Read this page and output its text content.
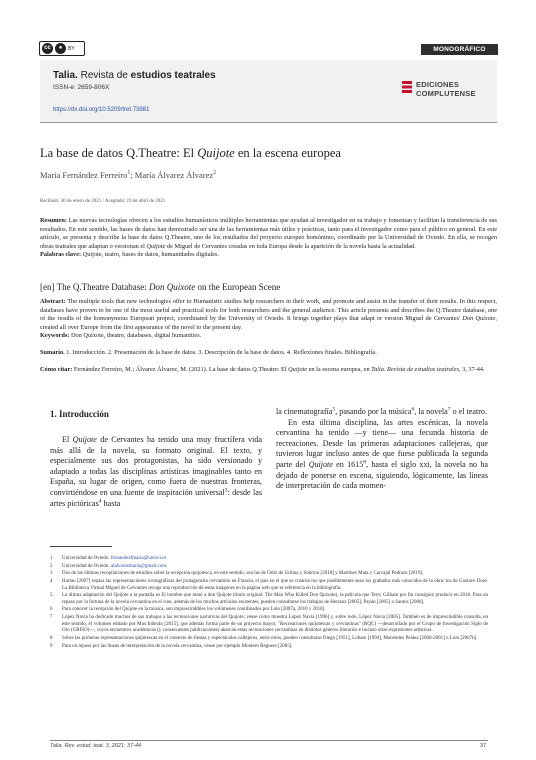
cc	●	BY	MONOGRÁFICO
Talia. Revista de estudios teatrales
ISSN-e: 2659-806X
https://dx.doi.org/10.5209/tret.73981
EDICIONES
COMPLUTENSE
La base de datos Q.Theatre: El Quijote en la escena europea
María Fernández Ferreiro$^1$; María Álvarez Álvarez$^2$
Recibido: 30 de enero de 2021 / Aceptado: 19 de abril de 2021
Resumen: Las nuevas tecnologías ofrecen a los estudios humanísticos múltiples herramientas que ayudan al investigador en su trabajo y fomentan y facilitan la transferencia de sus resultados. En este sentido, las bases de datos han demostrado ser una de las herramientas más útiles y prácticas, tanto para el investigador como para el público en general. En este artículo, se presenta y describe la base de datos Q.Theatre, uno de los resultados del proyecto europeo homónimo, coordinado por la Universidad de Oviedo. En ella, se recogen obras teatrales que adaptan o versionan el Quijote de Miguel de Cervantes creadas en toda Europa desde la aparición de la novela hasta la actualidad.
Palabras clave: Quijote, teatro, bases de datos, humanidades digitales.
[en] The Q.Theatre Database: Don Quixote on the European Scene
Abstract: The multiple tools that new technologies offer to Humanistic studies help researchers in their work, and promote and assist in the transfer of their results. In this respect, databases have proven to be one of the most useful and practical tools for both researchers and the general audience. This article presents and describes the Q.Theatre database, one of the results of the homonymous European project, coordinated by the University of Oviedo. It brings together plays that adapt or version Miguel de Cervantes' Don Quixote, created all over Europe from the first appearance of the novel to the present day.
Keywords: Don Quixote, theatre, databases, digital humanities.
Sumario. 1. Introducción. 2. Presentación de la base de datos. 3. Descripción de la base de datos. 4. Reflexiones finales. Bibliografía.
Cómo citar: Fernández Ferreiro, M.; Álvarez Álvarez, M. (2021). La base de datos Q.Theatre: El Quijote en la escena europea, en Talia. Revista de estudios teatrales, 3, 37-44.
1. Introducción
El Quijote de Cervantes ha tenido una muy fructífera vida más allá de la novela, su formato original. El texto, y especialmente sus dos protagonistas, ha sido versionado y adaptado a todas las disciplinas artísticas imaginables tanto en España, su lugar de origen, como fuera de nuestras fronteras, convirtiéndose en una fuente de inspiración universal$^3$: desde las artes pictóricas$^4$ hasta
la cinematografía$^5$, pasando por la música$^6$, la novela$^7$ o el teatro.
En esta última disciplina, las artes escénicas, la novela cervantina ha tenido —y tiene— una fecunda historia de recreaciones. Desde las primeras adaptaciones callejeras, que tuvieron lugar incluso antes de que fuese publicada la segunda parte del Quijote en 1615$^8$, hasta el siglo xxi, la novela no ha dejado de ponerse en escena, siguiendo, lógicamente, las líneas de interpretación de cada momen-
1	Universidad de Oviedo. fernandezfmaria@uniovi.es
2	Universidad de Oviedo. alalvarezmaria@gmail.com.
3	Dos de las últimas recopilaciones de estudios sobre la recepción quijotesca, en este sentido, son las de Ortiz de Urbina y Sobrino [2018] y Martínez Mata y Carvajal Pedraza [2019].
4	Hartau [2007] repasa las representaciones iconográficas del protagonista cervantino en Francia, el país en el que se crearon los que posiblemente sean los grabados más conocidos de la obra: los de Gustave Doré. La Biblioteca Virtual Miguel de Cervantes recoge una reproducción de estas imágenes en la página web que se referencia en la bibliografía.
5	La última adaptación del Quijote a la pantalla es El hombre que mató a don Quijote (título original: The Man Who Killed Don Quixote), la película que Terry Gilliam por fin consiguió producir en 2018. Para un repaso por la fortuna de la novela cervantina en el cine, además de los muchos artículos existentes, pueden consultarse los trabajos de Herranz [2005], Payán [2005] o Santos [2006].
6	Para conocer la recepción del Quijote en la música, son imprescindibles los volúmenes coordinados por Lolo [2007a, 2010 y 2018].
7	López Navia ha dedicado muchos de sus trabajos a las recreaciones narrativas del Quijote; véase como muestra López Navia [1996] y, sobre todo, López Navia [2005]. También es de imprescindible consulta, en este sentido, el volumen editado por Mus Inderán [2015], que además forma parte de un proyecto mayor, "Recreaciones quijotescas y cervantinas" (RQC) —desarrollado por el Grupo de Investigación Siglo de Oro (GRISO)—, cuyos encuentros académicos (y consecuentes publicaciones) abarcan estas recreaciones cervantinas en distintos géneros literarios e incluso otras expresiones artísticas.
8	Sobre las primeras representaciones quijotescas en el contexto de fiestas y espectáculos callejeros, entre otros, pueden consultarse Diego [1951], Lobato [1994], Menéndez Peláez [2000-2001] o Lolo [2007b].
9	Para un repaso por las líneas de interpretación de la novela cervantina, véase por ejemplo Montero Reguera [2005].
Talia. Rev. estud. teat. 3, 2021: 37-44	37
